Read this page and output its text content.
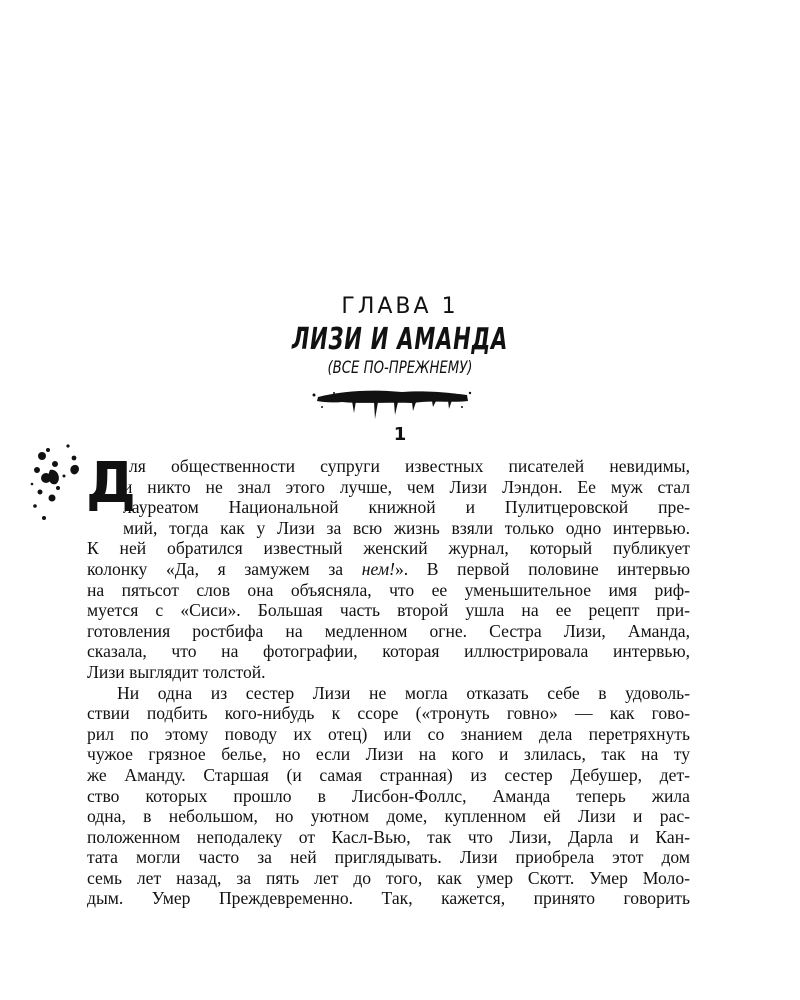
ГЛАВА 1
ЛИЗИ И АМАНДА
(ВСЕ ПО-ПРЕЖНЕМУ)
1
Д

ля общественности супруги известных писателей невидимы,
и никто не знал этого лучше, чем Лизи Лэндон. Ее муж стал
лауреатом Национальной книжной и Пулитцеровской пре-
мий, тогда как у Лизи за всю жизнь взяли только одно интервью.
К ней обратился известный женский журнал, который публикует
колонку «Да, я замужем за нем!». В первой половине интервью
на пятьсот слов она объясняла, что ее уменьшительное имя риф-
муется с «Сиси». Большая часть второй ушла на ее рецепт при-
готовления ростбифа на медленном огне. Сестра Лизи, Аманда,
сказала, что на фотографии, которая иллюстрировала интервью,
Лизи выглядит толстой.

Ни одна из сестер Лизи не могла отказать себе в удоволь-
ствии подбить кого-нибудь к ссоре («тронуть говно» — как гово-
рил по этому поводу их отец) или со знанием дела перетряхнуть
чужое грязное белье, но если Лизи на кого и злилась, так на ту
же Аманду. Старшая (и самая странная) из сестер Дебушер, дет-
ство которых прошло в Лисбон-Фоллс, Аманда теперь жила
одна, в небольшом, но уютном доме, купленном ей Лизи и рас-
положенном неподалеку от Касл-Вью, так что Лизи, Дарла и Кан-
тата могли часто за ней приглядывать. Лизи приобрела этот дом
семь лет назад, за пять лет до того, как умер Скотт. Умер Моло-
дым. Умер Преждевременно. Так, кажется, принято говорить
